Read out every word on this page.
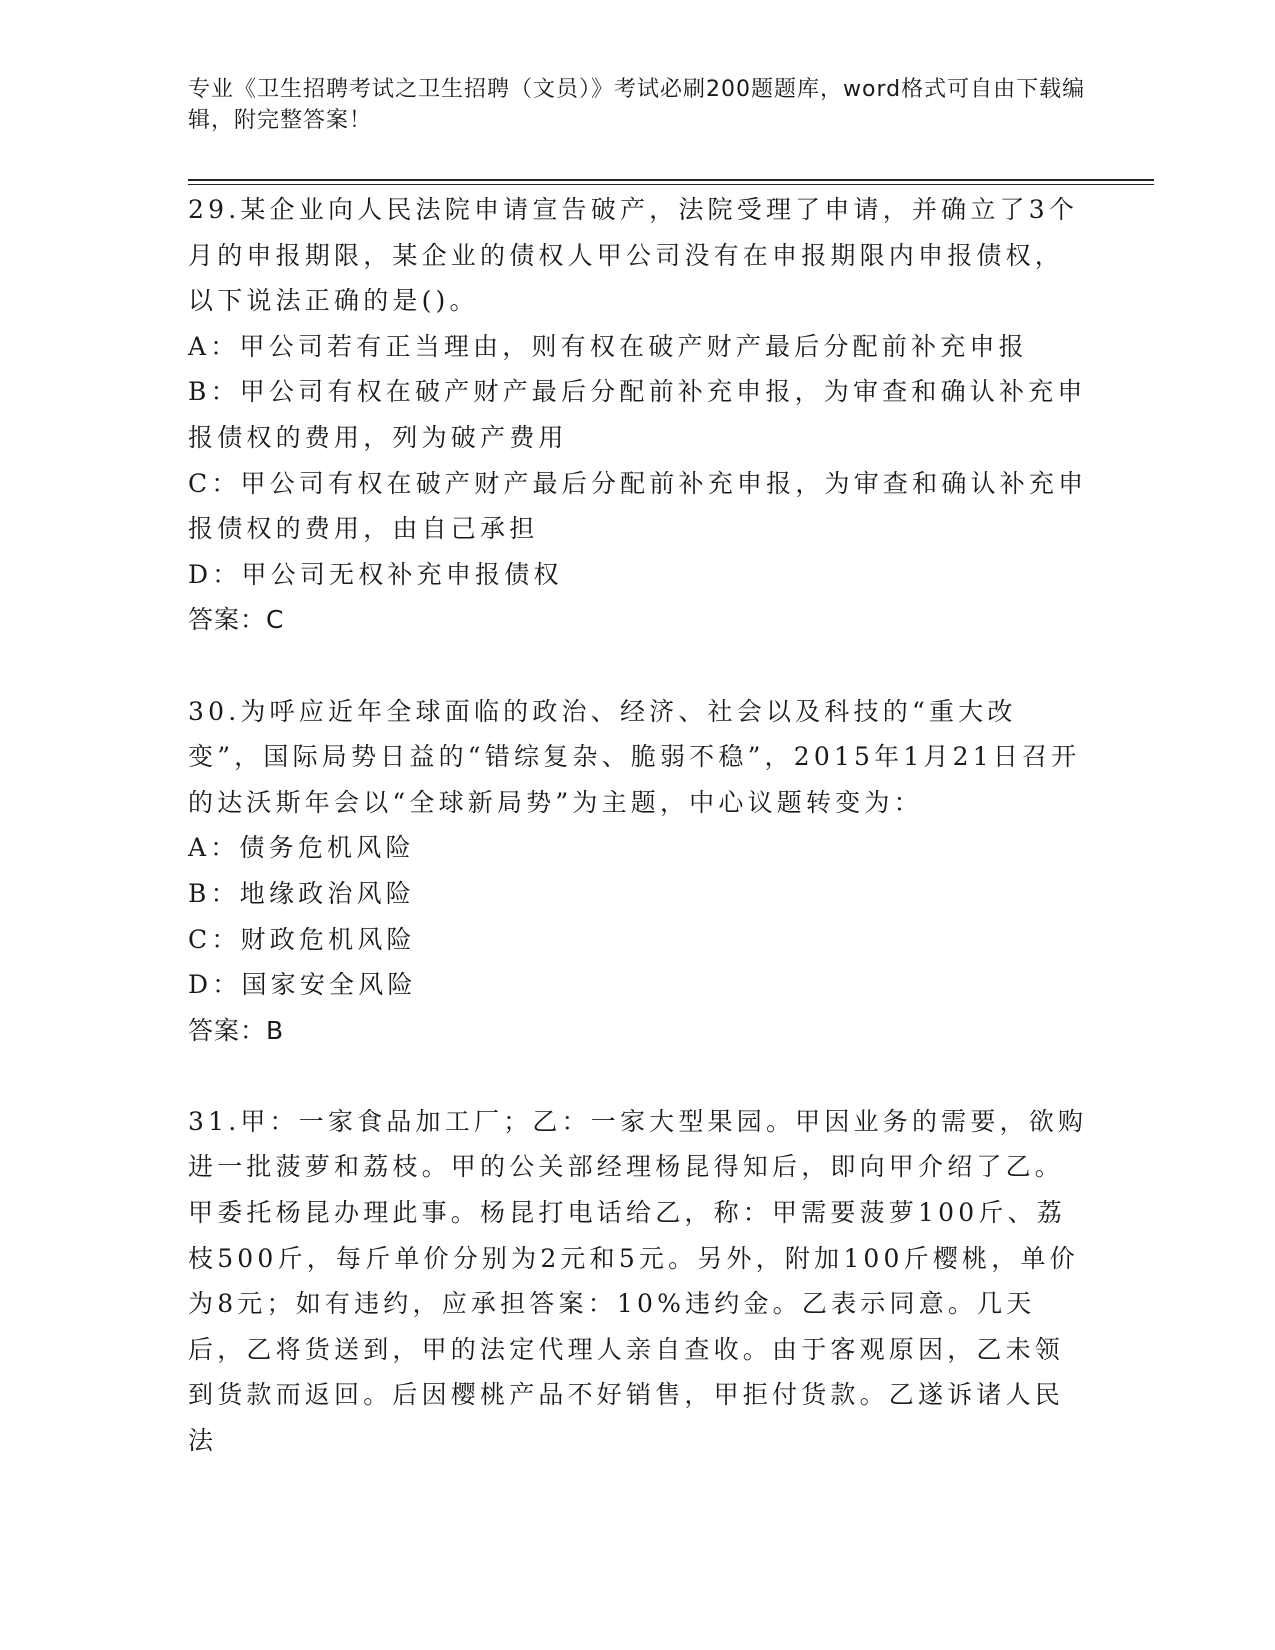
专业《卫生招聘考试之卫生招聘（文员）》考试必刷200题题库，word格式可自由下载编辑，附完整答案！

29.某企业向人民法院申请宣告破产，法院受理了申请，并确立了3个月的申报期限，某企业的债权人甲公司没有在申报期限内申报债权，以下说法正确的是()。

A：甲公司若有正当理由，则有权在破产财产最后分配前补充申报

B：甲公司有权在破产财产最后分配前补充申报，为审查和确认补充申报债权的费用，列为破产费用

C：甲公司有权在破产财产最后分配前补充申报，为审查和确认补充申报债权的费用，由自己承担

D：甲公司无权补充申报债权

答案：C

30.为呼应近年全球面临的政治、经济、社会以及科技的“重大改变”，国际局势日益的“错综复杂、脆弱不稳”，2015年1月21日召开的达沃斯年会以“全球新局势”为主题，中心议题转变为：

A：债务危机风险

B：地缘政治风险

C：财政危机风险

D：国家安全风险

答案：B

31.甲：一家食品加工厂；乙：一家大型果园。甲因业务的需要，欲购进一批菠萝和荔枝。甲的公关部经理杨昆得知后，即向甲介绍了乙。甲委托杨昆办理此事。杨昆打电话给乙，称：甲需要菠萝100斤、荔枝500斤，每斤单价分别为2元和5元。另外，附加100斤樱桃，单价为8元；如有违约，应承担答案：10%违约金。乙表示同意。几天后，乙将货送到，甲的法定代理人亲自查收。由于客观原因，乙未领到货款而返回。后因樱桃产品不好销售，甲拒付货款。乙遂诉诸人民法
